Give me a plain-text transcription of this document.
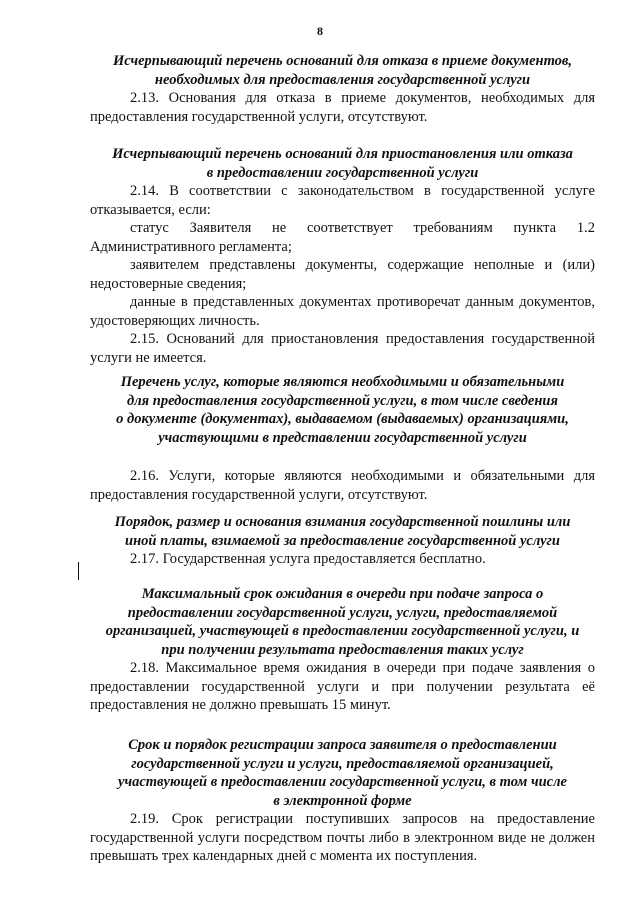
8
Исчерпывающий перечень оснований для отказа в приеме документов,
необходимых для предоставления государственной услуги
2.13. Основания для отказа в приеме документов, необходимых для предоставления государственной услуги, отсутствуют.
Исчерпывающий перечень оснований для приостановления или отказа
в предоставлении государственной услуги
2.14. В соответствии с законодательством в государственной услуге отказывается, если:
статус Заявителя не соответствует требованиям пункта 1.2 Административного регламента;
заявителем представлены документы, содержащие неполные и (или) недостоверные сведения;
данные в представленных документах противоречат данным документов, удостоверяющих личность.
2.15. Оснований для приостановления предоставления государственной услуги не имеется.
Перечень услуг, которые являются необходимыми и обязательными
для предоставления государственной услуги, в том числе сведения
о документе (документах), выдаваемом (выдаваемых) организациями,
участвующими в представлении государственной услуги
2.16. Услуги, которые являются необходимыми и обязательными для предоставления государственной услуги, отсутствуют.
Порядок, размер и основания взимания государственной пошлины или
иной платы, взимаемой за предоставление государственной услуги
2.17. Государственная услуга предоставляется бесплатно.
Максимальный срок ожидания в очереди при подаче запроса о
предоставлении государственной услуги, услуги, предоставляемой
организацией, участвующей в предоставлении государственной услуги, и
при получении результата предоставления таких услуг
2.18. Максимальное время ожидания в очереди при подаче заявления о предоставлении государственной услуги и при получении результата её предоставления не должно превышать 15 минут.
Срок и порядок регистрации запроса заявителя о предоставлении
государственной услуги и услуги, предоставляемой организацией,
участвующей в предоставлении государственной услуги, в том числе
в электронной форме
2.19. Срок регистрации поступивших запросов на предоставление государственной услуги посредством почты либо в электронном виде не должен превышать трех календарных дней с момента их поступления.
